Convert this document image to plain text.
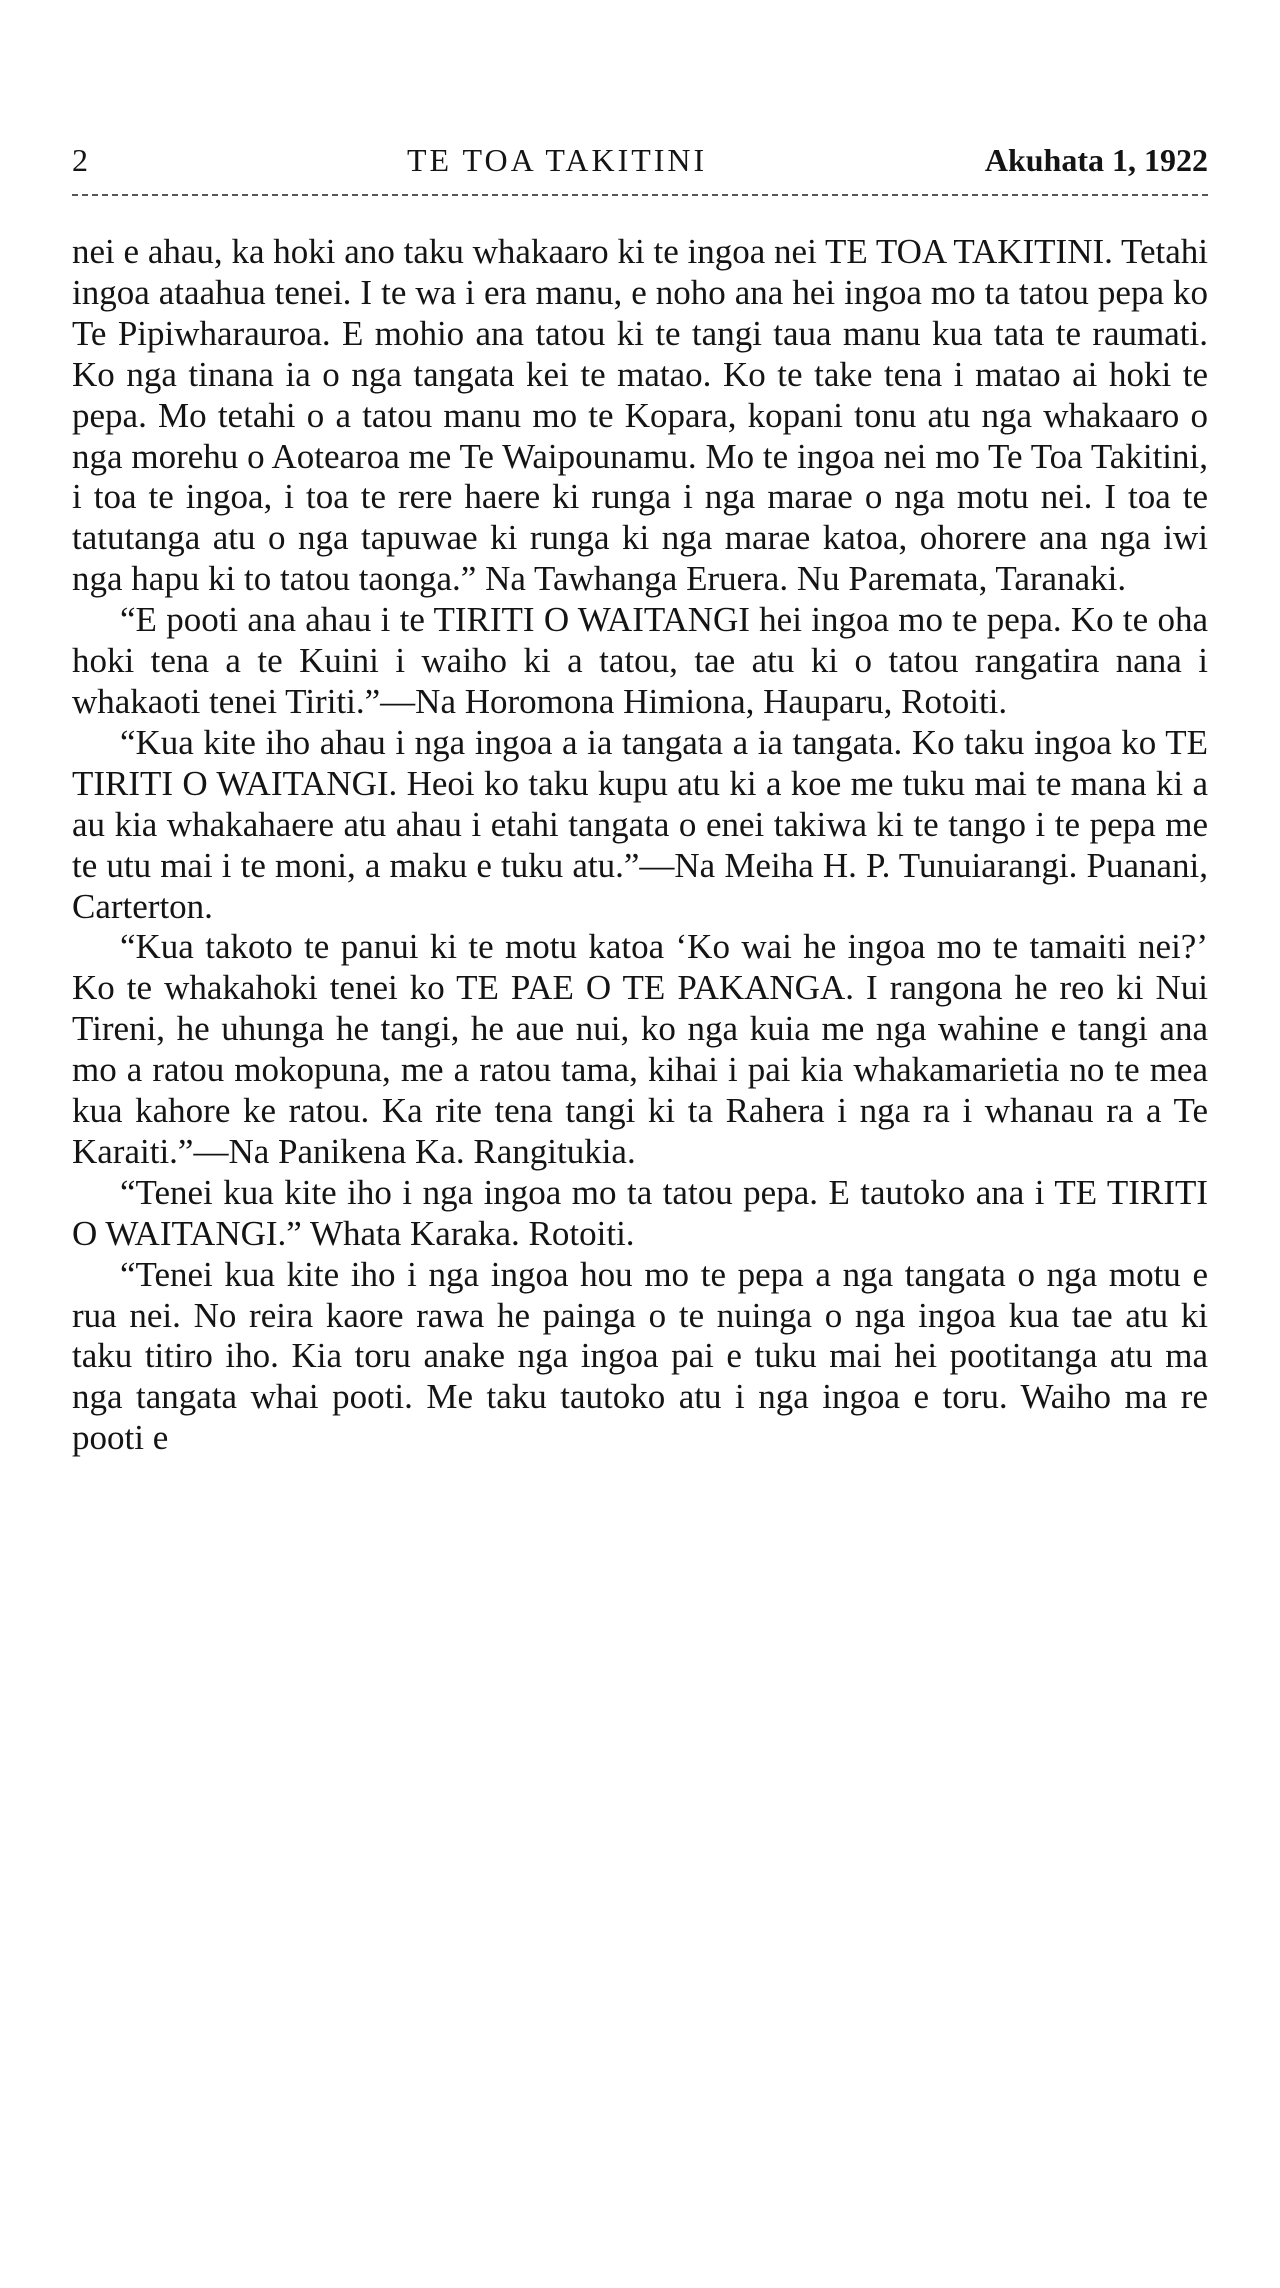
2	TE TOA TAKITINI	Akuhata 1, 1922

nei e ahau, ka hoki ano taku whakaaro ki te ingoa nei TE TOA TAKITINI. Tetahi ingoa ataahua tenei. I te wa i era manu, e noho ana hei ingoa mo ta tatou pepa ko Te Pipiwharauroa. E mohio ana tatou ki te tangi taua manu kua tata te raumati. Ko nga tinana ia o nga tangata kei te matao. Ko te take tena i matao ai hoki te pepa. Mo tetahi o a tatou manu mo te Kopara, kopani tonu atu nga whakaaro o nga morehu o Aotearoa me Te Waipounamu. Mo te ingoa nei mo Te Toa Takitini, i toa te ingoa, i toa te rere haere ki runga i nga marae o nga motu nei. I toa te tatutanga atu o nga tapuwae ki runga ki nga marae katoa, ohorere ana nga iwi nga hapu ki to tatou taonga.” Na Tawhanga Eruera. Nu Paremata, Taranaki.

“E pooti ana ahau i te TIRITI O WAITANGI hei ingoa mo te pepa. Ko te oha hoki tena a te Kuini i waiho ki a tatou, tae atu ki o tatou rangatira nana i whakaoti tenei Tiriti.”—Na Horomona Himiona, Hauparu, Rotoiti.

“Kua kite iho ahau i nga ingoa a ia tangata a ia tangata. Ko taku ingoa ko TE TIRITI O WAITANGI. Heoi ko taku kupu atu ki a koe me tuku mai te mana ki a au kia whakahaere atu ahau i etahi tangata o enei takiwa ki te tango i te pepa me te utu mai i te moni, a maku e tuku atu.”—Na Meiha H. P. Tunuiarangi. Puanani, Carterton.

“Kua takoto te panui ki te motu katoa ‘Ko wai he ingoa mo te tamaiti nei?’ Ko te whakahoki tenei ko TE PAE O TE PAKANGA. I rangona he reo ki Nui Tireni, he uhunga he tangi, he aue nui, ko nga kuia me nga wahine e tangi ana mo a ratou mokopuna, me a ratou tama, kihai i pai kia whakamarietia no te mea kua kahore ke ratou. Ka rite tena tangi ki ta Rahera i nga ra i whanau ra a Te Karaiti.”—Na Panikena Ka. Rangitukia.

“Tenei kua kite iho i nga ingoa mo ta tatou pepa. E tautoko ana i TE TIRITI O WAITANGI.” Whata Karaka. Rotoiti.

“Tenei kua kite iho i nga ingoa hou mo te pepa a nga tangata o nga motu e rua nei. No reira kaore rawa he painga o te nuinga o nga ingoa kua tae atu ki taku titiro iho. Kia toru anake nga ingoa pai e tuku mai hei pootitanga atu ma nga tangata whai pooti. Me taku tautoko atu i nga ingoa e toru. Waiho ma re pooti e
